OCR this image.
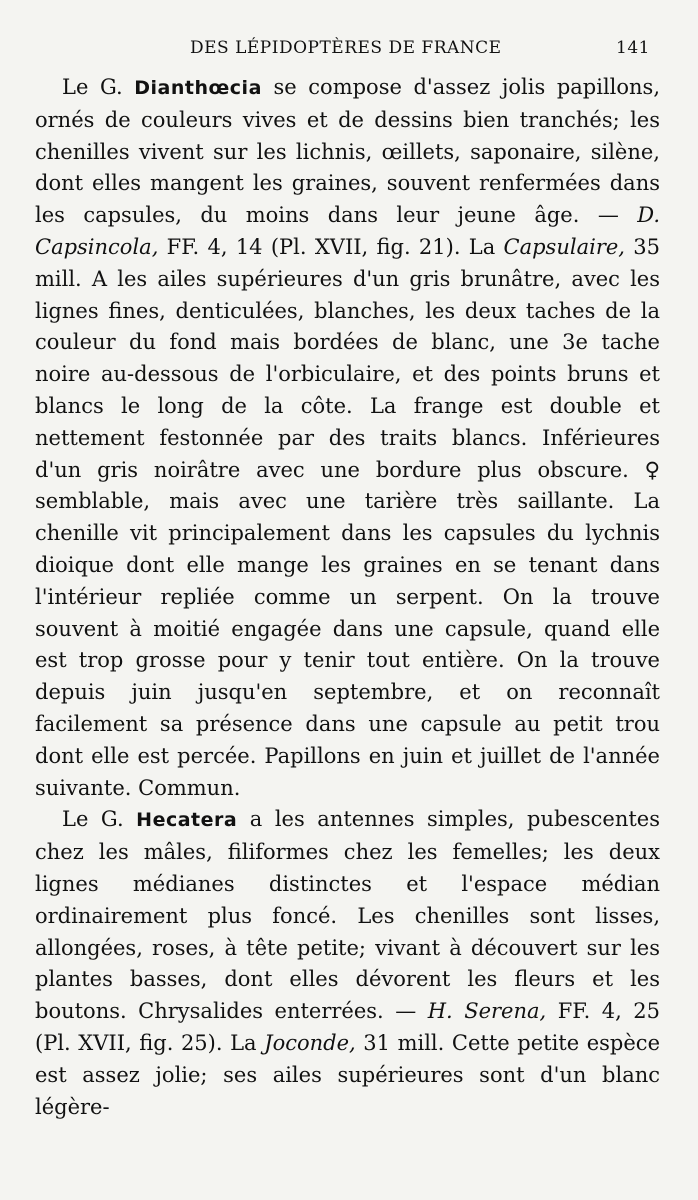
DES LÉPIDOPTÈRES DE FRANCE	141

Le G. Dianthœcia se compose d'assez jolis papillons, ornés de couleurs vives et de dessins bien tranchés; les chenilles vivent sur les lichnis, œillets, saponaire, silène, dont elles mangent les graines, souvent renfermées dans les capsules, du moins dans leur jeune âge. — D. Capsincola, FF. 4, 14 (Pl. XVII, fig. 21). La Capsulaire, 35 mill. A les ailes supérieures d'un gris brunâtre, avec les lignes fines, denticulées, blanches, les deux taches de la couleur du fond mais bordées de blanc, une 3e tache noire au-dessous de l'orbiculaire, et des points bruns et blancs le long de la côte. La frange est double et nettement festonnée par des traits blancs. Inférieures d'un gris noirâtre avec une bordure plus obscure. ♀ semblable, mais avec une tarière très saillante. La chenille vit principalement dans les capsules du lychnis dioique dont elle mange les graines en se tenant dans l'intérieur repliée comme un serpent. On la trouve souvent à moitié engagée dans une capsule, quand elle est trop grosse pour y tenir tout entière. On la trouve depuis juin jusqu'en septembre, et on reconnaît facilement sa présence dans une capsule au petit trou dont elle est percée. Papillons en juin et juillet de l'année suivante. Commun.

Le G. Hecatera a les antennes simples, pubescentes chez les mâles, filiformes chez les femelles; les deux lignes médianes distinctes et l'espace médian ordinairement plus foncé. Les chenilles sont lisses, allongées, roses, à tête petite; vivant à découvert sur les plantes basses, dont elles dévorent les fleurs et les boutons. Chrysalides enterrées. — H. Serena, FF. 4, 25 (Pl. XVII, fig. 25). La Joconde, 31 mill. Cette petite espèce est assez jolie; ses ailes supérieures sont d'un blanc légère-
